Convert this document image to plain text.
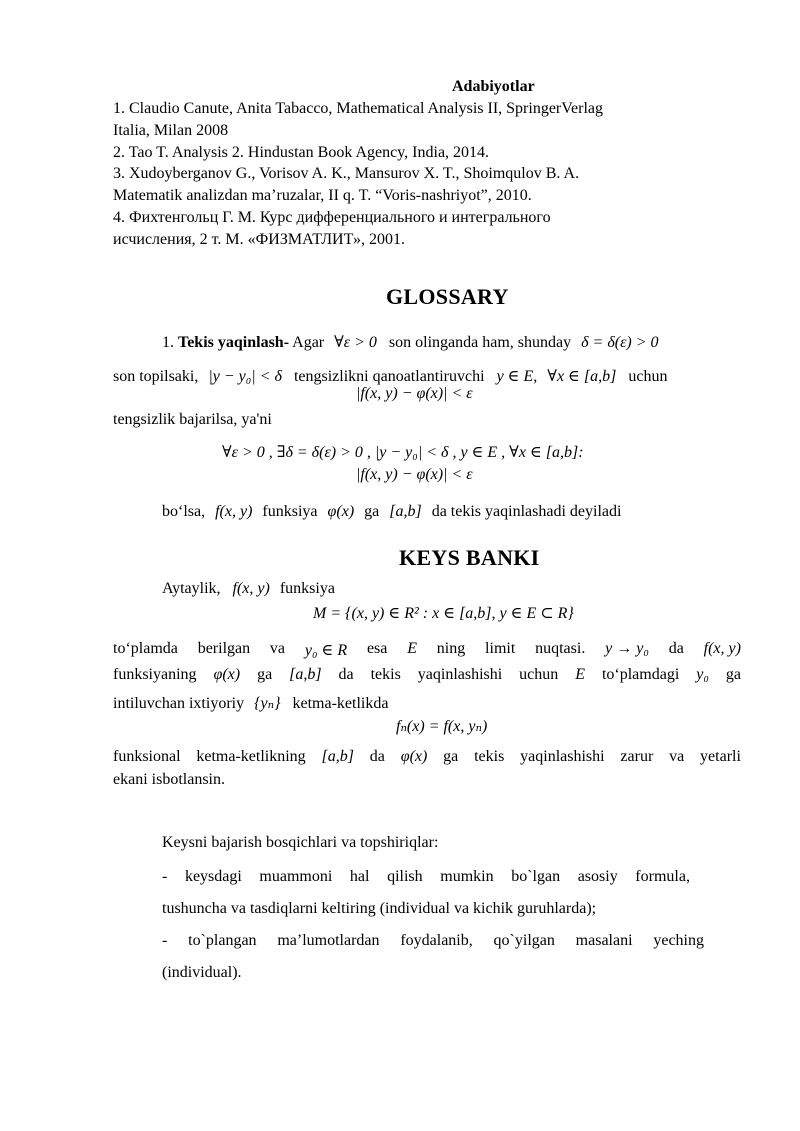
Adabiyotlar
1. Claudio Canute, Anita Tabacco, Mathematical Analysis II, SpringerVerlag
Italia, Milan 2008
2. Tao T. Analysis 2. Hindustan Book Agency, India, 2014.
3. Xudoyberganov G., Vorisov A. K., Mansurov X. T., Shoimqulov B. A.
Matematik analizdan ma’ruzalar, II q. T. “Voris-nashriyot”, 2010.
4. Фихтенгольц Г. М. Курс дифференциального и интегрального
исчисления, 2 т. М. «ФИЗМАТЛИТ», 2001.
GLOSSARY
1. Tekis yaqinlash- Agar ∀ε > 0 son olinganda ham, shunday δ = δ(ε) > 0
son topilsaki, |y − y₀| < δ tengsizlikni qanoatlantiruvchi y ∈ E, ∀x ∈ [a,b] uchun
|f(x, y) − φ(x)| < ε
tengsizlik bajarilsa, ya'ni
∀ε > 0 , ∃δ = δ(ε) > 0 , |y − y₀| < δ , y ∈ E , ∀x ∈ [a,b]:
|f(x, y) − φ(x)| < ε
bo‘lsa, f(x, y) funksiya φ(x) ga [a,b] da tekis yaqinlashadi deyiladi
KEYS BANKI
Aytaylik, f(x, y) funksiya
M = {(x, y) ∈ R² : x ∈ [a,b], y ∈ E ⊂ R}
to‘plamda berilgan va y₀ ∈ R esa E ning limit nuqtasi. y → y₀ da f(x, y)
funksiyaning φ(x) ga [a,b] da tekis yaqinlashishi uchun E to‘plamdagi y₀ ga
intiluvchan ixtiyoriy {yₙ} ketma-ketlikda
fₙ(x) = f(x, yₙ)
funksional ketma-ketlikning [a,b] da φ(x) ga tekis yaqinlashishi zarur va yetarli
ekani isbotlansin.
Keysni bajarish bosqichlari va topshiriqlar:
- keysdagi muammoni hal qilish mumkin bo`lgan asosiy formula,
tushuncha va tasdiqlarni keltiring (individual va kichik guruhlarda);
- to`plangan ma’lumotlardan foydalanib, qo`yilgan masalani yeching
(individual).
